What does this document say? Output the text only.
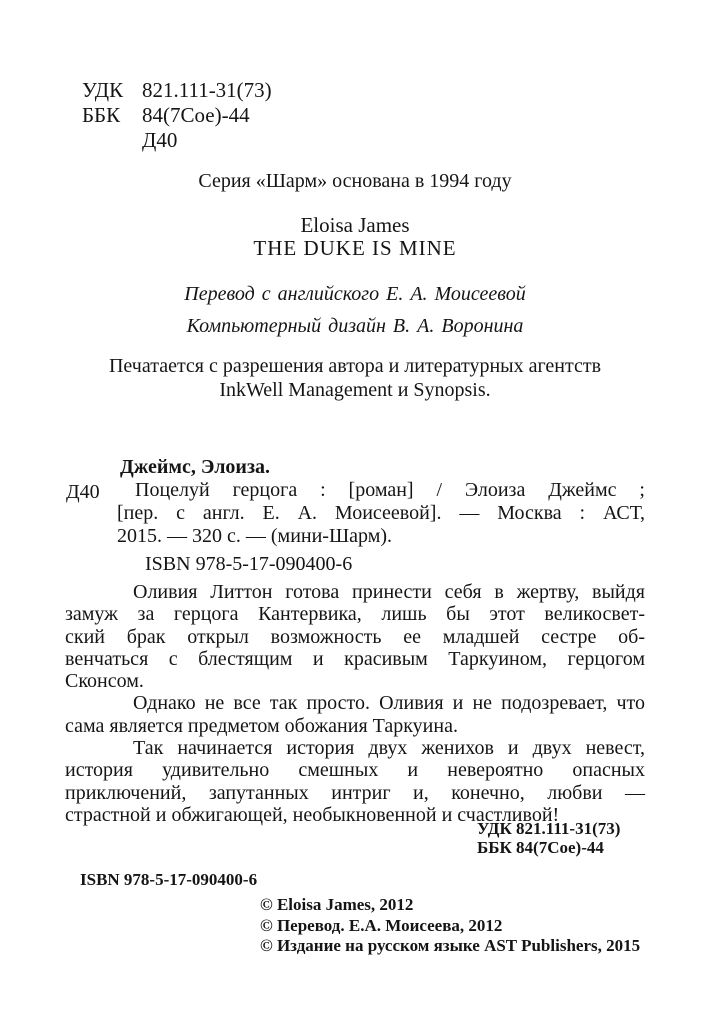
УДК 821.111-31(73)
ББК 84(7Сое)-44
Д40
Серия «Шарм» основана в 1994 году
Eloisa James
THE DUKE IS MINE
Перевод с английского Е. А. Моисеевой
Компьютерный дизайн В. А. Воронина
Печатается с разрешения автора и литературных агентств
InkWell Management и Synopsis.
Джеймс, Элоиза.
Д40	Поцелуй герцога : [роман] / Элоиза Джеймс ;
[пер. с англ. Е. А. Моисеевой]. — Москва : АСТ,
2015. — 320 с. — (мини-Шарм).
ISBN 978-5-17-090400-6
Оливия Литтон готова принести себя в жертву, выйдя
замуж за герцога Кантервика, лишь бы этот великосвет-
ский брак открыл возможность ее младшей сестре об-
венчаться с блестящим и красивым Таркуином, герцогом
Сконсом.
Однако не все так просто. Оливия и не подозревает, что
сама является предметом обожания Таркуина.
Так начинается история двух женихов и двух невест,
история удивительно смешных и невероятно опасных
приключений, запутанных интриг и, конечно, любви —
страстной и обжигающей, необыкновенной и счастливой!
УДК 821.111-31(73)
ББК 84(7Сое)-44
ISBN 978-5-17-090400-6
© Eloisa James, 2012
© Перевод. Е.А. Моисеева, 2012
© Издание на русском языке AST Publishers, 2015
